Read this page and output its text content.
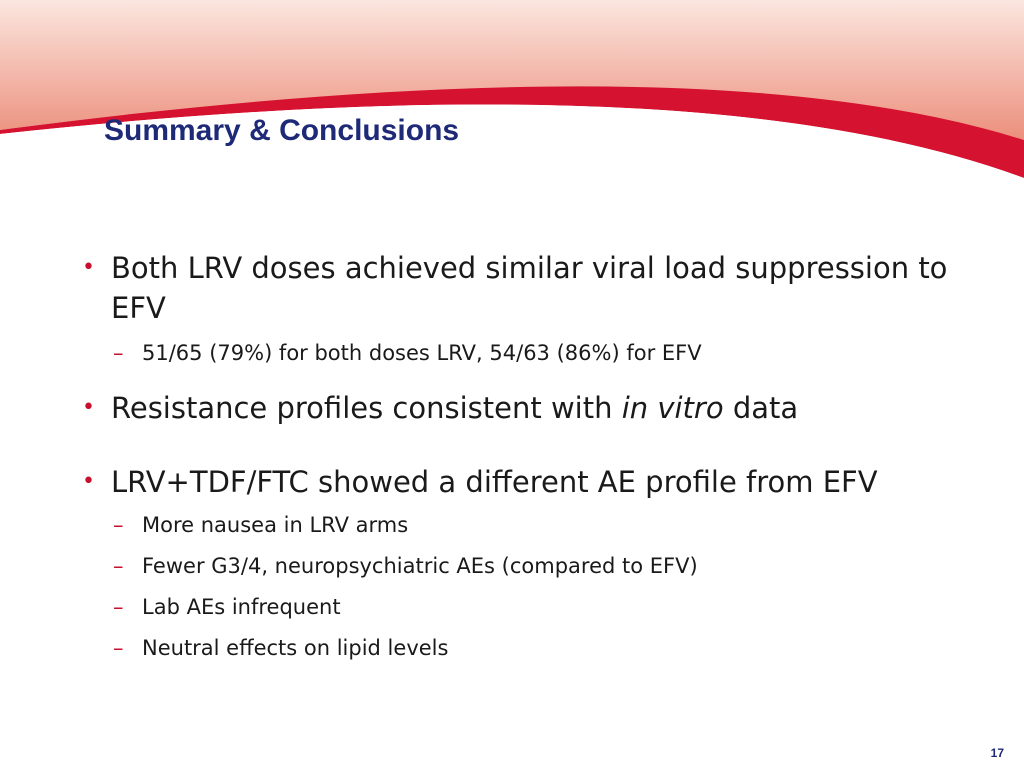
Summary & Conclusions
• Both LRV doses achieved similar viral load suppression to EFV
– 51/65 (79%) for both doses LRV, 54/63 (86%) for EFV
• Resistance profiles consistent with in vitro data
• LRV+TDF/FTC showed a different AE profile from EFV
– More nausea in LRV arms
– Fewer G3/4, neuropsychiatric AEs (compared to EFV)
– Lab AEs infrequent
– Neutral effects on lipid levels
17
